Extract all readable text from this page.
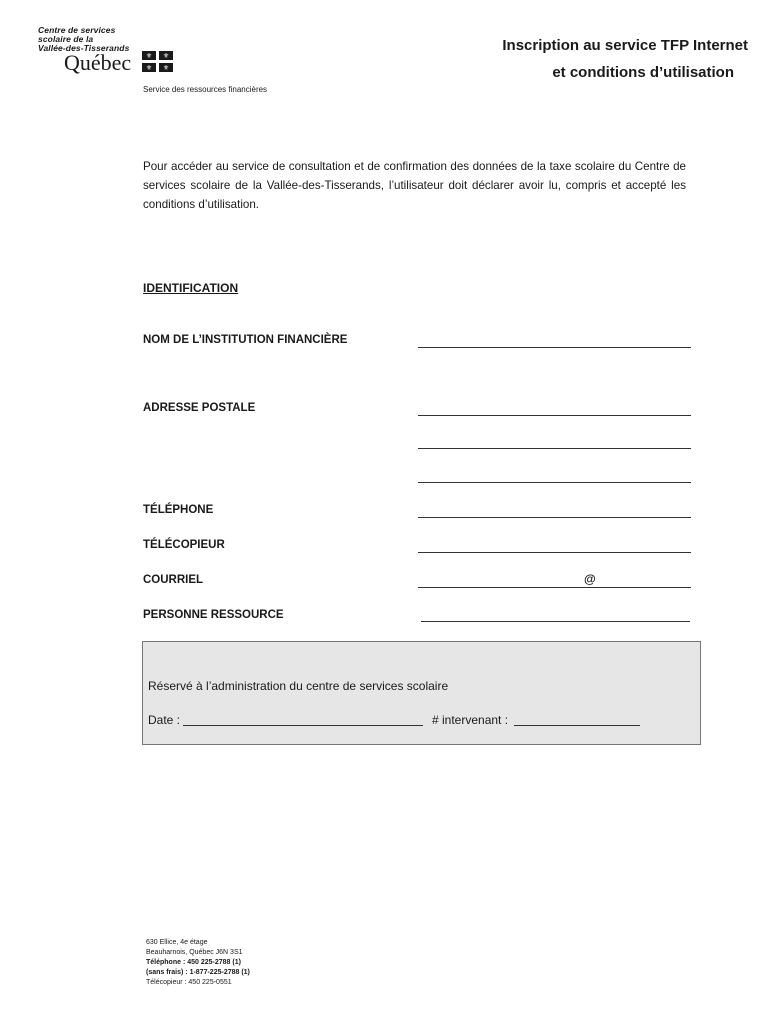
Centre de services
scolaire de la
Vallée-des-Tisserands
Québec ⚜ ⚜
⚜ ⚜
Service des ressources financières
Inscription au service TFP Internet
et conditions d’utilisation
Pour accéder au service de consultation et de confirmation des données de la taxe scolaire du Centre de services scolaire de la Vallée-des-Tisserands, l’utilisateur doit déclarer avoir lu, compris et accepté les conditions d’utilisation.
IDENTIFICATION
NOM DE L’INSTITUTION FINANCIÈRE
ADRESSE POSTALE
TÉLÉPHONE
TÉLÉCOPIEUR
COURRIEL	@
PERSONNE RESSOURCE
Réservé à l’administration du centre de services scolaire
Date :	# intervenant :
630 Ellice, 4e étage
Beauharnois, Québec J6N 3S1
Téléphone : 450 225-2788 (1)
(sans frais) : 1-877-225-2788 (1)
Télécopieur : 450 225-0551
